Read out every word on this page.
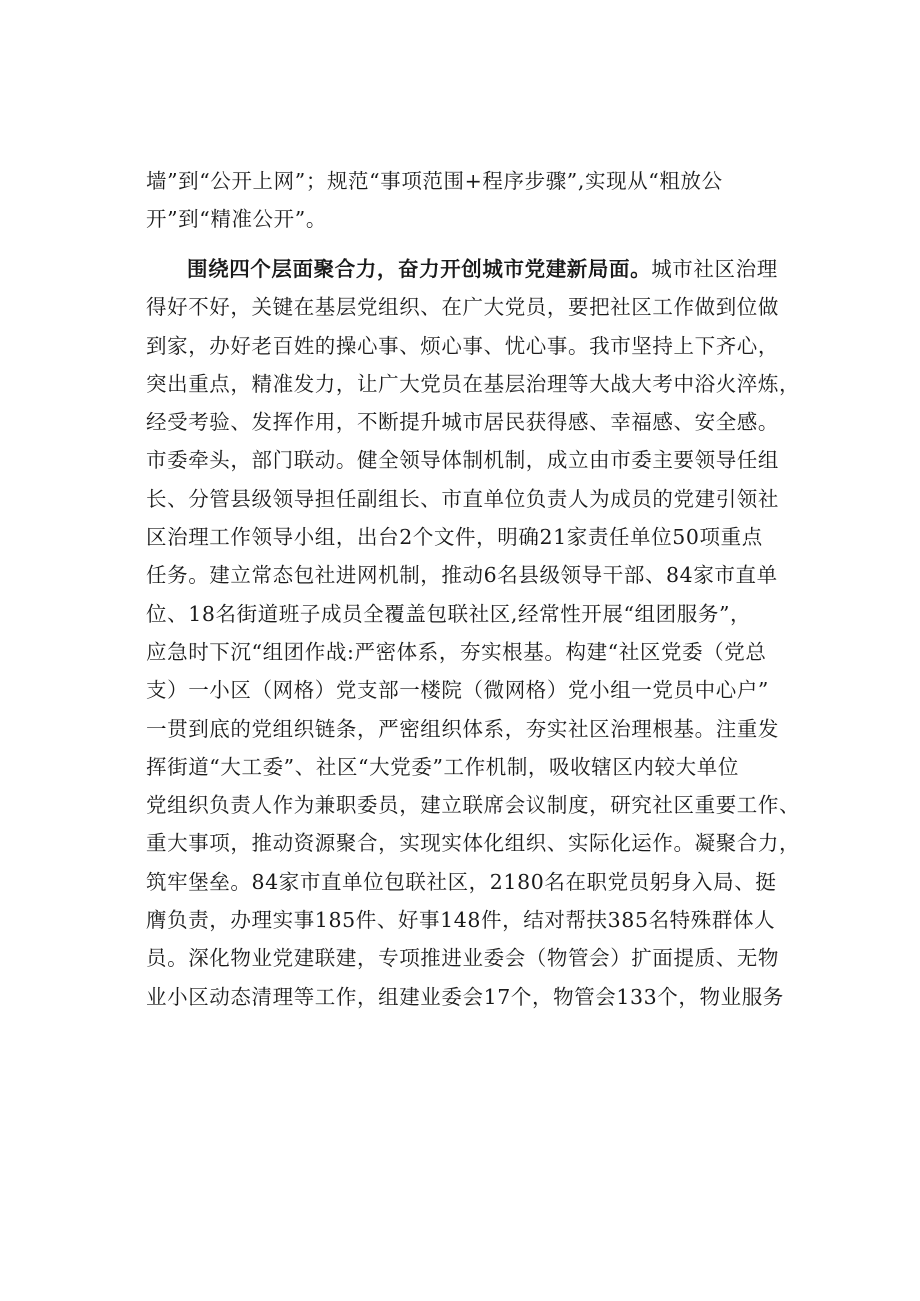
墙”到“公开上网”；规范“事项范围+程序步骤”,实现从“粗放公
开”到“精准公开”。
围绕四个层面聚合力，奋力开创城市党建新局面。城市社区治理
得好不好，关键在基层党组织、在广大党员，要把社区工作做到位做
到家，办好老百姓的操心事、烦心事、忧心事。我市坚持上下齐心，
突出重点，精准发力，让广大党员在基层治理等大战大考中浴火淬炼，
经受考验、发挥作用，不断提升城市居民获得感、幸福感、安全感。
市委牵头，部门联动。健全领导体制机制，成立由市委主要领导任组
长、分管县级领导担任副组长、市直单位负责人为成员的党建引领社
区治理工作领导小组，出台2个文件，明确21家责任单位50项重点
任务。建立常态包社进网机制，推动6名县级领导干部、84家市直单
位、18名街道班子成员全覆盖包联社区,经常性开展“组团服务”，
应急时下沉“组团作战:严密体系，夯实根基。构建“社区党委（党总
支）一小区（网格）党支部一楼院（微网格）党小组一党员中心户”
一贯到底的党组织链条，严密组织体系，夯实社区治理根基。注重发
挥街道“大工委”、社区“大党委”工作机制，吸收辖区内较大单位
党组织负责人作为兼职委员，建立联席会议制度，研究社区重要工作、
重大事项，推动资源聚合，实现实体化组织、实际化运作。凝聚合力，
筑牢堡垒。84家市直单位包联社区，2180名在职党员躬身入局、挺
膺负责，办理实事185件、好事148件，结对帮扶385名特殊群体人
员。深化物业党建联建，专项推进业委会（物管会）扩面提质、无物
业小区动态清理等工作，组建业委会17个，物管会133个，物业服务
